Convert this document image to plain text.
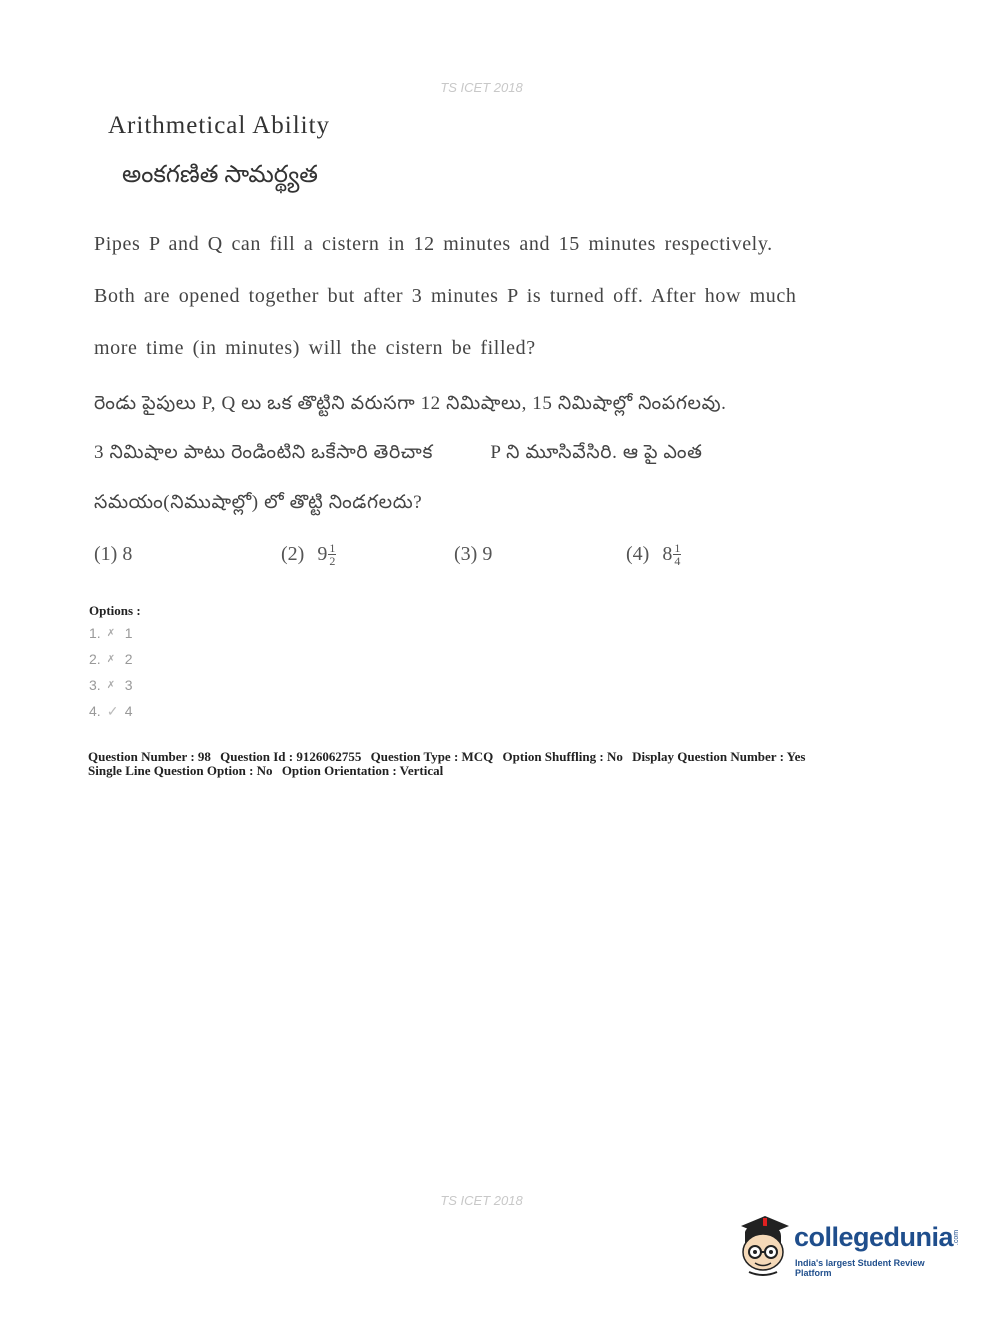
TS ICET 2018
Arithmetical Ability
అంకగణిత సామర్థ్యత
Pipes P and Q can fill a cistern in 12 minutes and 15 minutes respectively.
Both are opened together but after 3 minutes P is turned off. After how much
more time (in minutes) will the cistern be filled?
రెండు పైపులు P, Q లు ఒక తొట్టిని వరుసగా 12 నిమిషాలు, 15 నిమిషాల్లో నింపగలవు.
3 నిమిషాల పాటు రెండింటిని ఒకేసారి తెరిచాక	P ని మూసివేసిరి. ఆ పై ఎంత
సమయం(నిముషాల్లో) లో తొట్టి నిండగలదు?
(1) 8	(2) $9 \frac{1}{2}$	(3) 9	(4) $8 \frac{1}{4}$
Options :
1. ✗ 1
2. ✗ 2
3. ✗ 3
4. ✓ 4
Question Number : 98 Question Id : 9126062755 Question Type : MCQ Option Shuffling : No Display Question Number : Yes
Single Line Question Option : No Option Orientation : Vertical
TS ICET 2018
collegedunia .com
India's largest Student Review Platform
